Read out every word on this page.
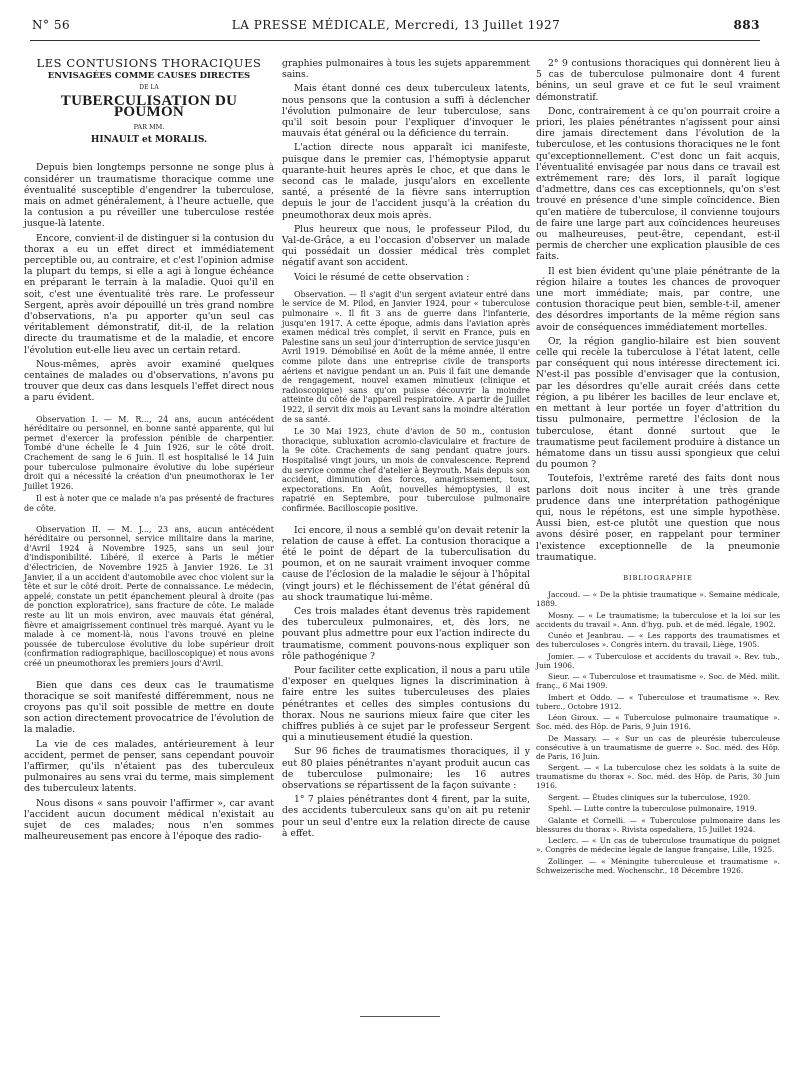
N° 56	LA PRESSE MÉDICALE, Mercredi, 13 Juillet 1927	883

LES CONTUSIONS THORACIQUES

ENVISAGÉES COMME CAUSES DIRECTES

DE LA

TUBERCULISATION DU POUMON

PAR MM.

HINAULT et MORALIS.

Depuis bien longtemps personne ne songe plus à considérer un traumatisme thoracique comme une éventualité susceptible d'engendrer la tuberculose, mais on admet généralement, à l'heure actuelle, que la contusion a pu réveiller une tuberculose restée jusque-là latente.

Encore, convient-il de distinguer si la contusion du thorax a eu un effet direct et immédiatement perceptible ou, au contraire, et c'est l'opinion admise la plupart du temps, si elle a agi à longue échéance en préparant le terrain à la maladie. Quoi qu'il en soit, c'est une éventualité très rare. Le professeur Sergent, après avoir dépouillé un très grand nombre d'observations, n'a pu apporter qu'un seul cas véritablement démonstratif, dit-il, de la relation directe du traumatisme et de la maladie, et encore l'évolution eut-elle lieu avec un certain retard.

Nous-mêmes, après avoir examiné quelques centaines de malades ou d'observations, n'avons pu trouver que deux cas dans lesquels l'effet direct nous a paru évident.

Observation I. — M. R..., 24 ans, aucun antécédent héréditaire ou personnel, en bonne santé apparente, qui lui permet d'exercer la profession pénible de charpentier. Tombé d'une échelle le 4 Juin 1926, sur le côté droit. Crachement de sang le 6 Juin. Il est hospitalisé le 14 Juin pour tuberculose pulmonaire évolutive du lobe supérieur droit qui a nécessité la création d'un pneumothorax le 1er Juillet 1926.

Il est à noter que ce malade n'a pas présenté de fractures de côte.

Observation II. — M. J..., 23 ans, aucun antécédent héréditaire ou personnel, service militaire dans la marine, d'Avril 1924 à Novembre 1925, sans un seul jour d'indisponibilité. Libéré, il exerce à Paris le métier d'électricien, de Novembre 1925 à Janvier 1926. Le 31 Janvier, il a un accident d'automobile avec choc violent sur la tête et sur le côté droit. Perte de connaissance. Le médecin, appelé, constate un petit épanchement pleural à droite (pas de ponction exploratrice), sans fracture de côte. Le malade reste au lit un mois environ, avec mauvais état général, fièvre et amaigrissement continuel très marqué. Ayant vu le malade à ce moment-là, nous l'avons trouvé en pleine poussée de tuberculose évolutive du lobe supérieur droit (confirmation radiographique, bacilloscopique) et nous avons créé un pneumothorax les premiers jours d'Avril.

Bien que dans ces deux cas le traumatisme thoracique se soit manifesté différemment, nous ne croyons pas qu'il soit possible de mettre en doute son action directement provocatrice de l'évolution de la maladie.

La vie de ces malades, antérieurement à leur accident, permet de penser, sans cependant pouvoir l'affirmer, qu'ils n'étaient pas des tuberculeux pulmonaires au sens vrai du terme, mais simplement des tuberculeux latents.

Nous disons « sans pouvoir l'affirmer », car avant l'accident aucun document médical n'existait au sujet de ces malades; nous n'en sommes malheureusement pas encore à l'époque des radio-

graphies pulmonaires à tous les sujets apparemment sains.

Mais étant donné ces deux tuberculeux latents, nous pensons que la contusion a suffi à déclencher l'évolution pulmonaire de leur tuberculose, sans qu'il soit besoin pour l'expliquer d'invoquer le mauvais état général ou la déficience du terrain.

L'action directe nous apparaît ici manifeste, puisque dans le premier cas, l'hémoptysie apparut quarante-huit heures après le choc, et que dans le second cas le malade, jusqu'alors en excellente santé, a présenté de la fièvre sans interruption depuis le jour de l'accident jusqu'à la création du pneumothorax deux mois après.

Plus heureux que nous, le professeur Pilod, du Val-de-Grâce, a eu l'occasion d'observer un malade qui possédait un dossier médical très complet négatif avant son accident.

Voici le résumé de cette observation :

Observation. — Il s'agit d'un sergent aviateur entré dans le service de M. Pilod, en Janvier 1924, pour « tuberculose pulmonaire ». Il fit 3 ans de guerre dans l'infanterie, jusqu'en 1917. A cette époque, admis dans l'aviation après examen médical très complet, il servit en France, puis en Palestine sans un seul jour d'interruption de service jusqu'en Avril 1919. Démobilisé en Août de la même année, il entre comme pilote dans une entreprise civile de transports aériens et navigue pendant un an. Puis il fait une demande de rengagement, nouvel examen minutieux (clinique et radioscopique) sans qu'on puisse découvrir la moindre atteinte du côté de l'appareil respiratoire. A partir de Juillet 1922, il servit dix mois au Levant sans la moindre altération de sa santé.

Le 30 Mai 1923, chute d'avion de 50 m., contusion thoracique, subluxation acromio-claviculaire et fracture de la 9e côte. Crachements de sang pendant quatre jours. Hospitalisé vingt jours, un mois de convalescence. Reprend du service comme chef d'atelier à Beyrouth. Mais depuis son accident, diminution des forces, amaigrissement, toux, expectorations. En Août, nouvelles hémoptysies, il est rapatrié en Septembre, pour tuberculose pulmonaire confirmée. Bacilloscopie positive.

Ici encore, il nous a semblé qu'on devait retenir la relation de cause à effet. La contusion thoracique a été le point de départ de la tuberculisation du poumon, et on ne saurait vraiment invoquer comme cause de l'éclosion de la maladie le séjour à l'hôpital (vingt jours) et le fléchissement de l'état général dû au shock traumatique lui-même.

Ces trois malades étant devenus très rapidement des tuberculeux pulmonaires, et, dès lors, ne pouvant plus admettre pour eux l'action indirecte du traumatisme, comment pouvons-nous expliquer son rôle pathogénique ?

Pour faciliter cette explication, il nous a paru utile d'exposer en quelques lignes la discrimination à faire entre les suites tuberculeuses des plaies pénétrantes et celles des simples contusions du thorax. Nous ne saurions mieux faire que citer les chiffres publiés à ce sujet par le professeur Sergent qui a minutieusement étudié la question.

Sur 96 fiches de traumatismes thoraciques, il y eut 80 plaies pénétrantes n'ayant produit aucun cas de tuberculose pulmonaire; les 16 autres observations se répartissent de la façon suivante :

1° 7 plaies pénétrantes dont 4 firent, par la suite, des accidents tuberculeux sans qu'on ait pu retenir pour un seul d'entre eux la relation directe de cause à effet.

2° 9 contusions thoraciques qui donnèrent lieu à 5 cas de tuberculose pulmonaire dont 4 furent bénins, un seul grave et ce fut le seul vraiment démonstratif.

Donc, contrairement à ce qu'on pourrait croire a priori, les plaies pénétrantes n'agissent pour ainsi dire jamais directement dans l'évolution de la tuberculose, et les contusions thoraciques ne le font qu'exceptionnellement. C'est donc un fait acquis, l'éventualité envisagée par nous dans ce travail est extrêmement rare; dès lors, il paraît logique d'admettre, dans ces cas exceptionnels, qu'on s'est trouvé en présence d'une simple coïncidence. Bien qu'en matière de tuberculose, il convienne toujours de faire une large part aux coïncidences heureuses ou malheureuses, peut-être, cependant, est-il permis de chercher une explication plausible de ces faits.

Il est bien évident qu'une plaie pénétrante de la région hilaire a toutes les chances de provoquer une mort immédiate; mais, par contre, une contusion thoracique peut bien, semble-t-il, amener des désordres importants de la même région sans avoir de conséquences immédiatement mortelles.

Or, la région ganglio-hilaire est bien souvent celle qui recèle la tuberculose à l'état latent, celle par conséquent qui nous intéresse directement ici. N'est-il pas possible d'envisager que la contusion, par les désordres qu'elle aurait créés dans cette région, a pu libérer les bacilles de leur enclave et, en mettant à leur portée un foyer d'attrition du tissu pulmonaire, permettre l'éclosion de la tuberculose, étant donné surtout que le traumatisme peut facilement produire à distance un hématome dans un tissu aussi spongieux que celui du poumon ?

Toutefois, l'extrême rareté des faits dont nous parlons doit nous inciter à une très grande prudence dans une interprétation pathogénique qui, nous le répétons, est une simple hypothèse. Aussi bien, est-ce plutôt une question que nous avons désiré poser, en rappelant pour terminer l'existence exceptionnelle de la pneumonie traumatique.

BIBLIOGRAPHIE

Jaccoud. — « De la phtisie traumatique ». Semaine médicale, 1889.

Mosny. — « Le traumatisme; la tuberculose et la loi sur les accidents du travail ». Ann. d'hyg. pub. et de méd. légale, 1902.

Cunéo et Jeanbrau. — « Les rapports des traumatismes et des tuberculoses ». Congrès intern. du travail, Liège, 1905.

Jomier. — « Tuberculose et accidents du travail ». Rev. tub., Juin 1906.

Sieur. — « Tuberculose et traumatisme ». Soc. de Méd. milit. franç., 6 Mai 1909.

Imbert et Oddo. — « Tuberculose et traumatisme ». Rev. tuberc., Octobre 1912.

Léon Giroux. — « Tuberculose pulmonaire traumatique ». Soc. méd. des Hôp. de Paris, 9 Juin 1916.

De Massary. — « Sur un cas de pleurésie tuberculeuse consécutive à un traumatisme de guerre ». Soc. méd. des Hôp. de Paris, 16 Juin.

Sergent. — « La tuberculose chez les soldats à la suite de traumatisme du thorax ». Soc. méd. des Hôp. de Paris, 30 Juin 1916.

Sergent. — Études cliniques sur la tuberculose, 1920.

Spehl. — Lutte contre la tuberculose pulmonaire, 1919.

Galante et Cornelli. — « Tuberculose pulmonaire dans les blessures du thorax ». Rivista ospedaliera, 15 Juillet 1924.

Leclerc. — « Un cas de tuberculose traumatique du poignet ». Congrès de médecine légale de langue française, Lille, 1925.

Zollinger. — « Méningite tuberculeuse et traumatisme ». Schweizerische med. Wochenschr., 18 Décembre 1926.
